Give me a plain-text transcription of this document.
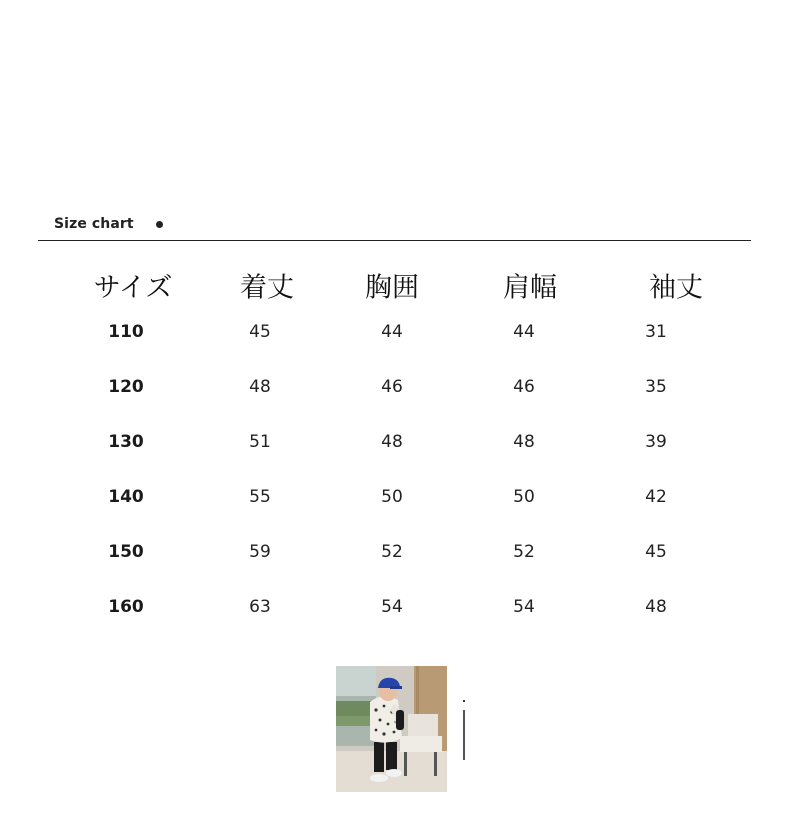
Size chart
サイズ	着丈	胸囲	肩幅	袖丈
110	45	44	44	31
120	48	46	46	35
130	51	48	48	39
140	55	50	50	42
150	59	52	52	45
160	63	54	54	48
